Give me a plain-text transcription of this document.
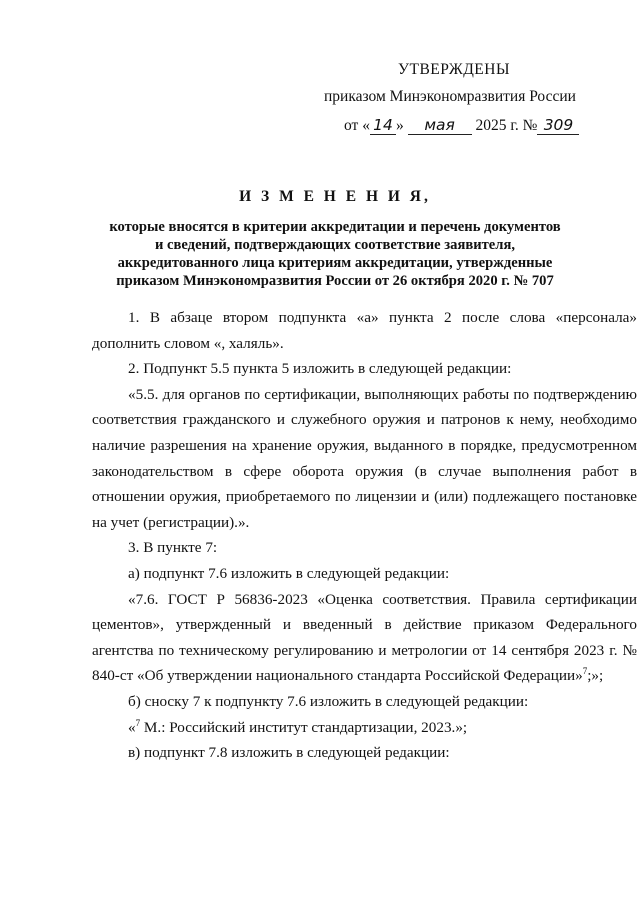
УТВЕРЖДЕНЫ
приказом Минэкономразвития России
от « 14 » мая 2025 г. № 309
И З М Е Н Е Н И Я,
которые вносятся в критерии аккредитации и перечень документов
и сведений, подтверждающих соответствие заявителя,
аккредитованного лица критериям аккредитации, утвержденные
приказом Минэкономразвития России от 26 октября 2020 г. № 707

1. В абзаце втором подпункта «а» пункта 2 после слова «персонала» дополнить словом «, халяль».

2. Подпункт 5.5 пункта 5 изложить в следующей редакции:

«5.5. для органов по сертификации, выполняющих работы по подтверждению соответствия гражданского и служебного оружия и патронов к нему, необходимо наличие разрешения на хранение оружия, выданного в порядке, предусмотренном законодательством в сфере оборота оружия (в случае выполнения работ в отношении оружия, приобретаемого по лицензии и (или) подлежащего постановке на учет (регистрации).».

3. В пункте 7:

а) подпункт 7.6 изложить в следующей редакции:

«7.6. ГОСТ Р 56836-2023 «Оценка соответствия. Правила сертификации цементов», утвержденный и введенный в действие приказом Федерального агентства по техническому регулированию и метрологии от 14 сентября 2023 г. № 840-ст «Об утверждении национального стандарта Российской Федерации»$^7$;»;

б) сноску 7 к подпункту 7.6 изложить в следующей редакции:

«$^7$ М.: Российский институт стандартизации, 2023.»;

в) подпункт 7.8 изложить в следующей редакции:
